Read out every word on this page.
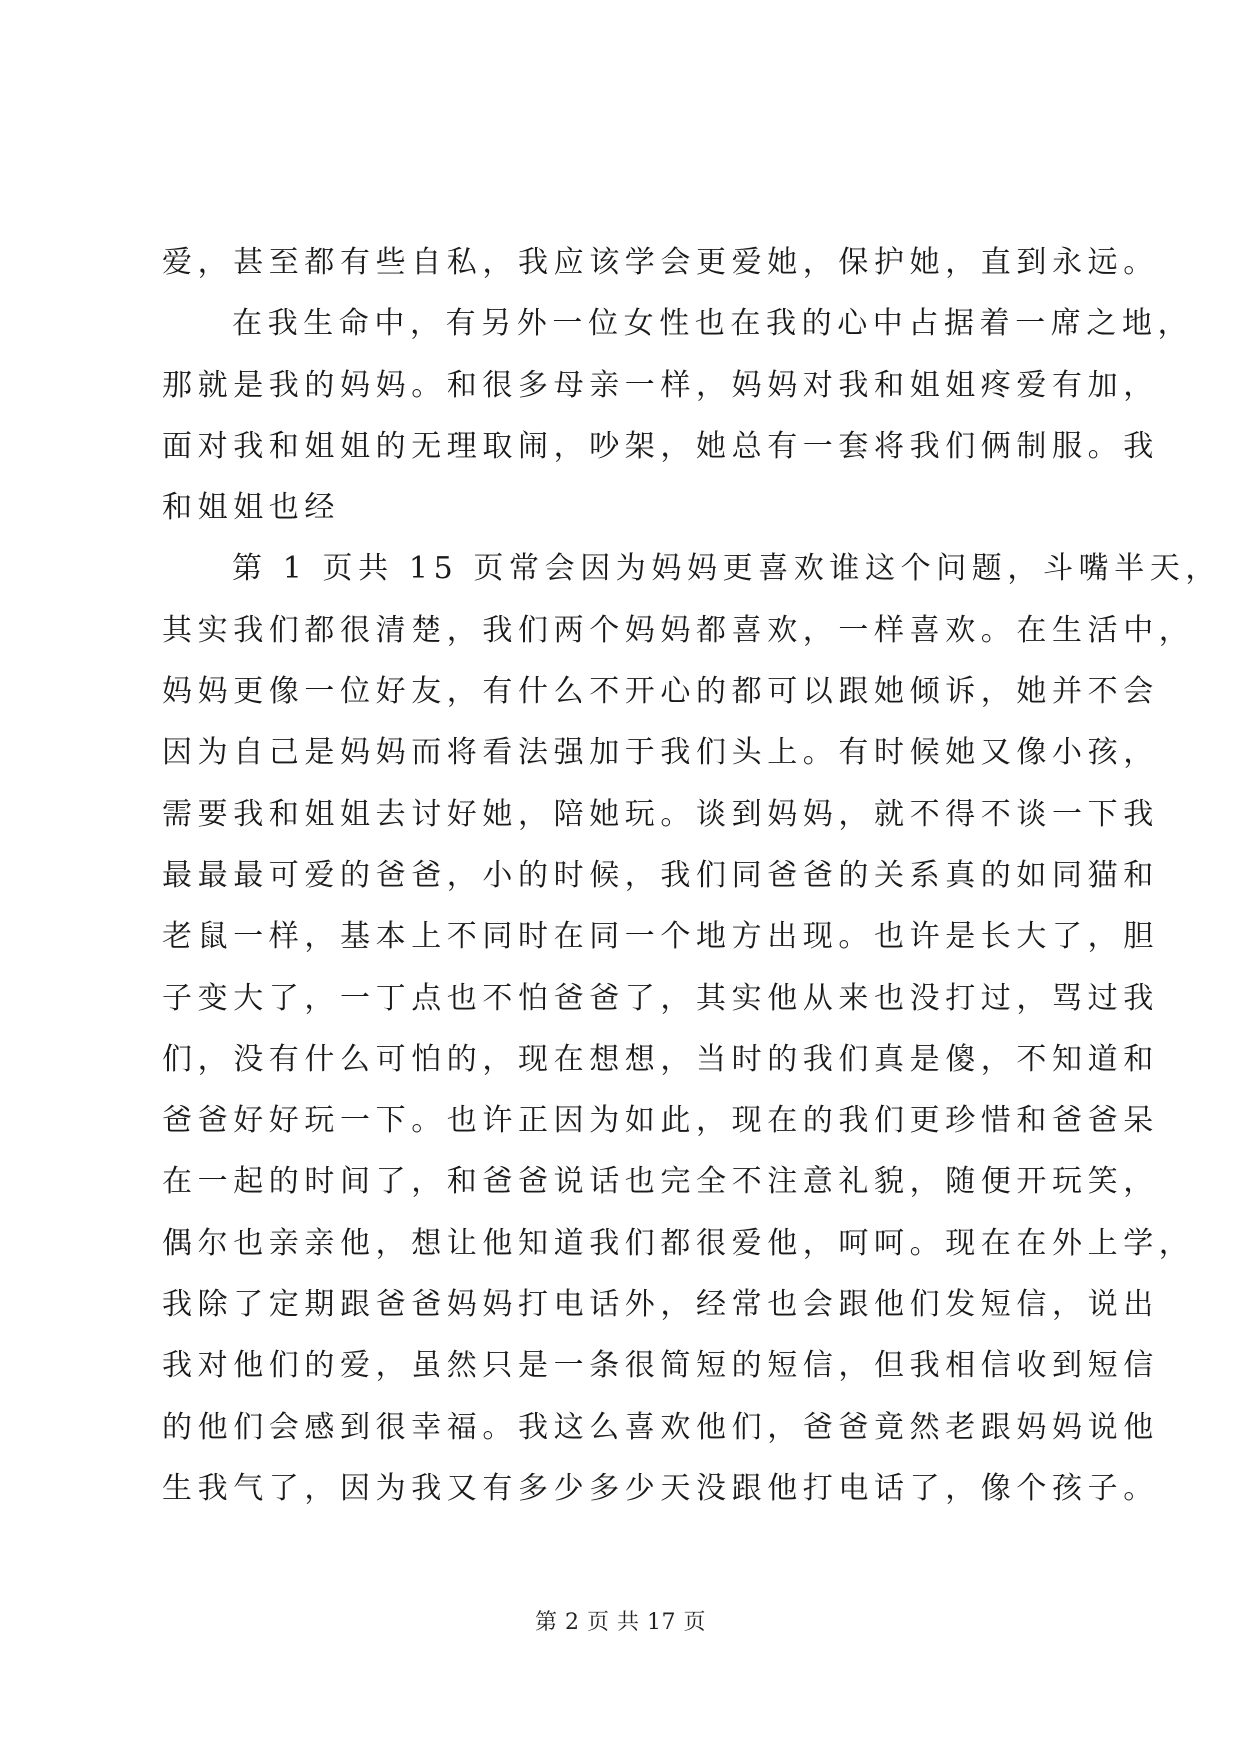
爱，甚至都有些自私，我应该学会更爱她，保护她，直到永远。
在我生命中，有另外一位女性也在我的心中占据着一席之地，
那就是我的妈妈。和很多母亲一样，妈妈对我和姐姐疼爱有加，
面对我和姐姐的无理取闹，吵架，她总有一套将我们俩制服。我
和姐姐也经
第 1 页共 15 页常会因为妈妈更喜欢谁这个问题，斗嘴半天，
其实我们都很清楚，我们两个妈妈都喜欢，一样喜欢。在生活中，
妈妈更像一位好友，有什么不开心的都可以跟她倾诉，她并不会
因为自己是妈妈而将看法强加于我们头上。有时候她又像小孩，
需要我和姐姐去讨好她，陪她玩。谈到妈妈，就不得不谈一下我
最最最可爱的爸爸，小的时候，我们同爸爸的关系真的如同猫和
老鼠一样，基本上不同时在同一个地方出现。也许是长大了，胆
子变大了，一丁点也不怕爸爸了，其实他从来也没打过，骂过我
们，没有什么可怕的，现在想想，当时的我们真是傻，不知道和
爸爸好好玩一下。也许正因为如此，现在的我们更珍惜和爸爸呆
在一起的时间了，和爸爸说话也完全不注意礼貌，随便开玩笑，
偶尔也亲亲他，想让他知道我们都很爱他，呵呵。现在在外上学，
我除了定期跟爸爸妈妈打电话外，经常也会跟他们发短信，说出
我对他们的爱，虽然只是一条很简短的短信，但我相信收到短信
的他们会感到很幸福。我这么喜欢他们，爸爸竟然老跟妈妈说他
生我气了，因为我又有多少多少天没跟他打电话了，像个孩子。
第 2 页 共 17 页
